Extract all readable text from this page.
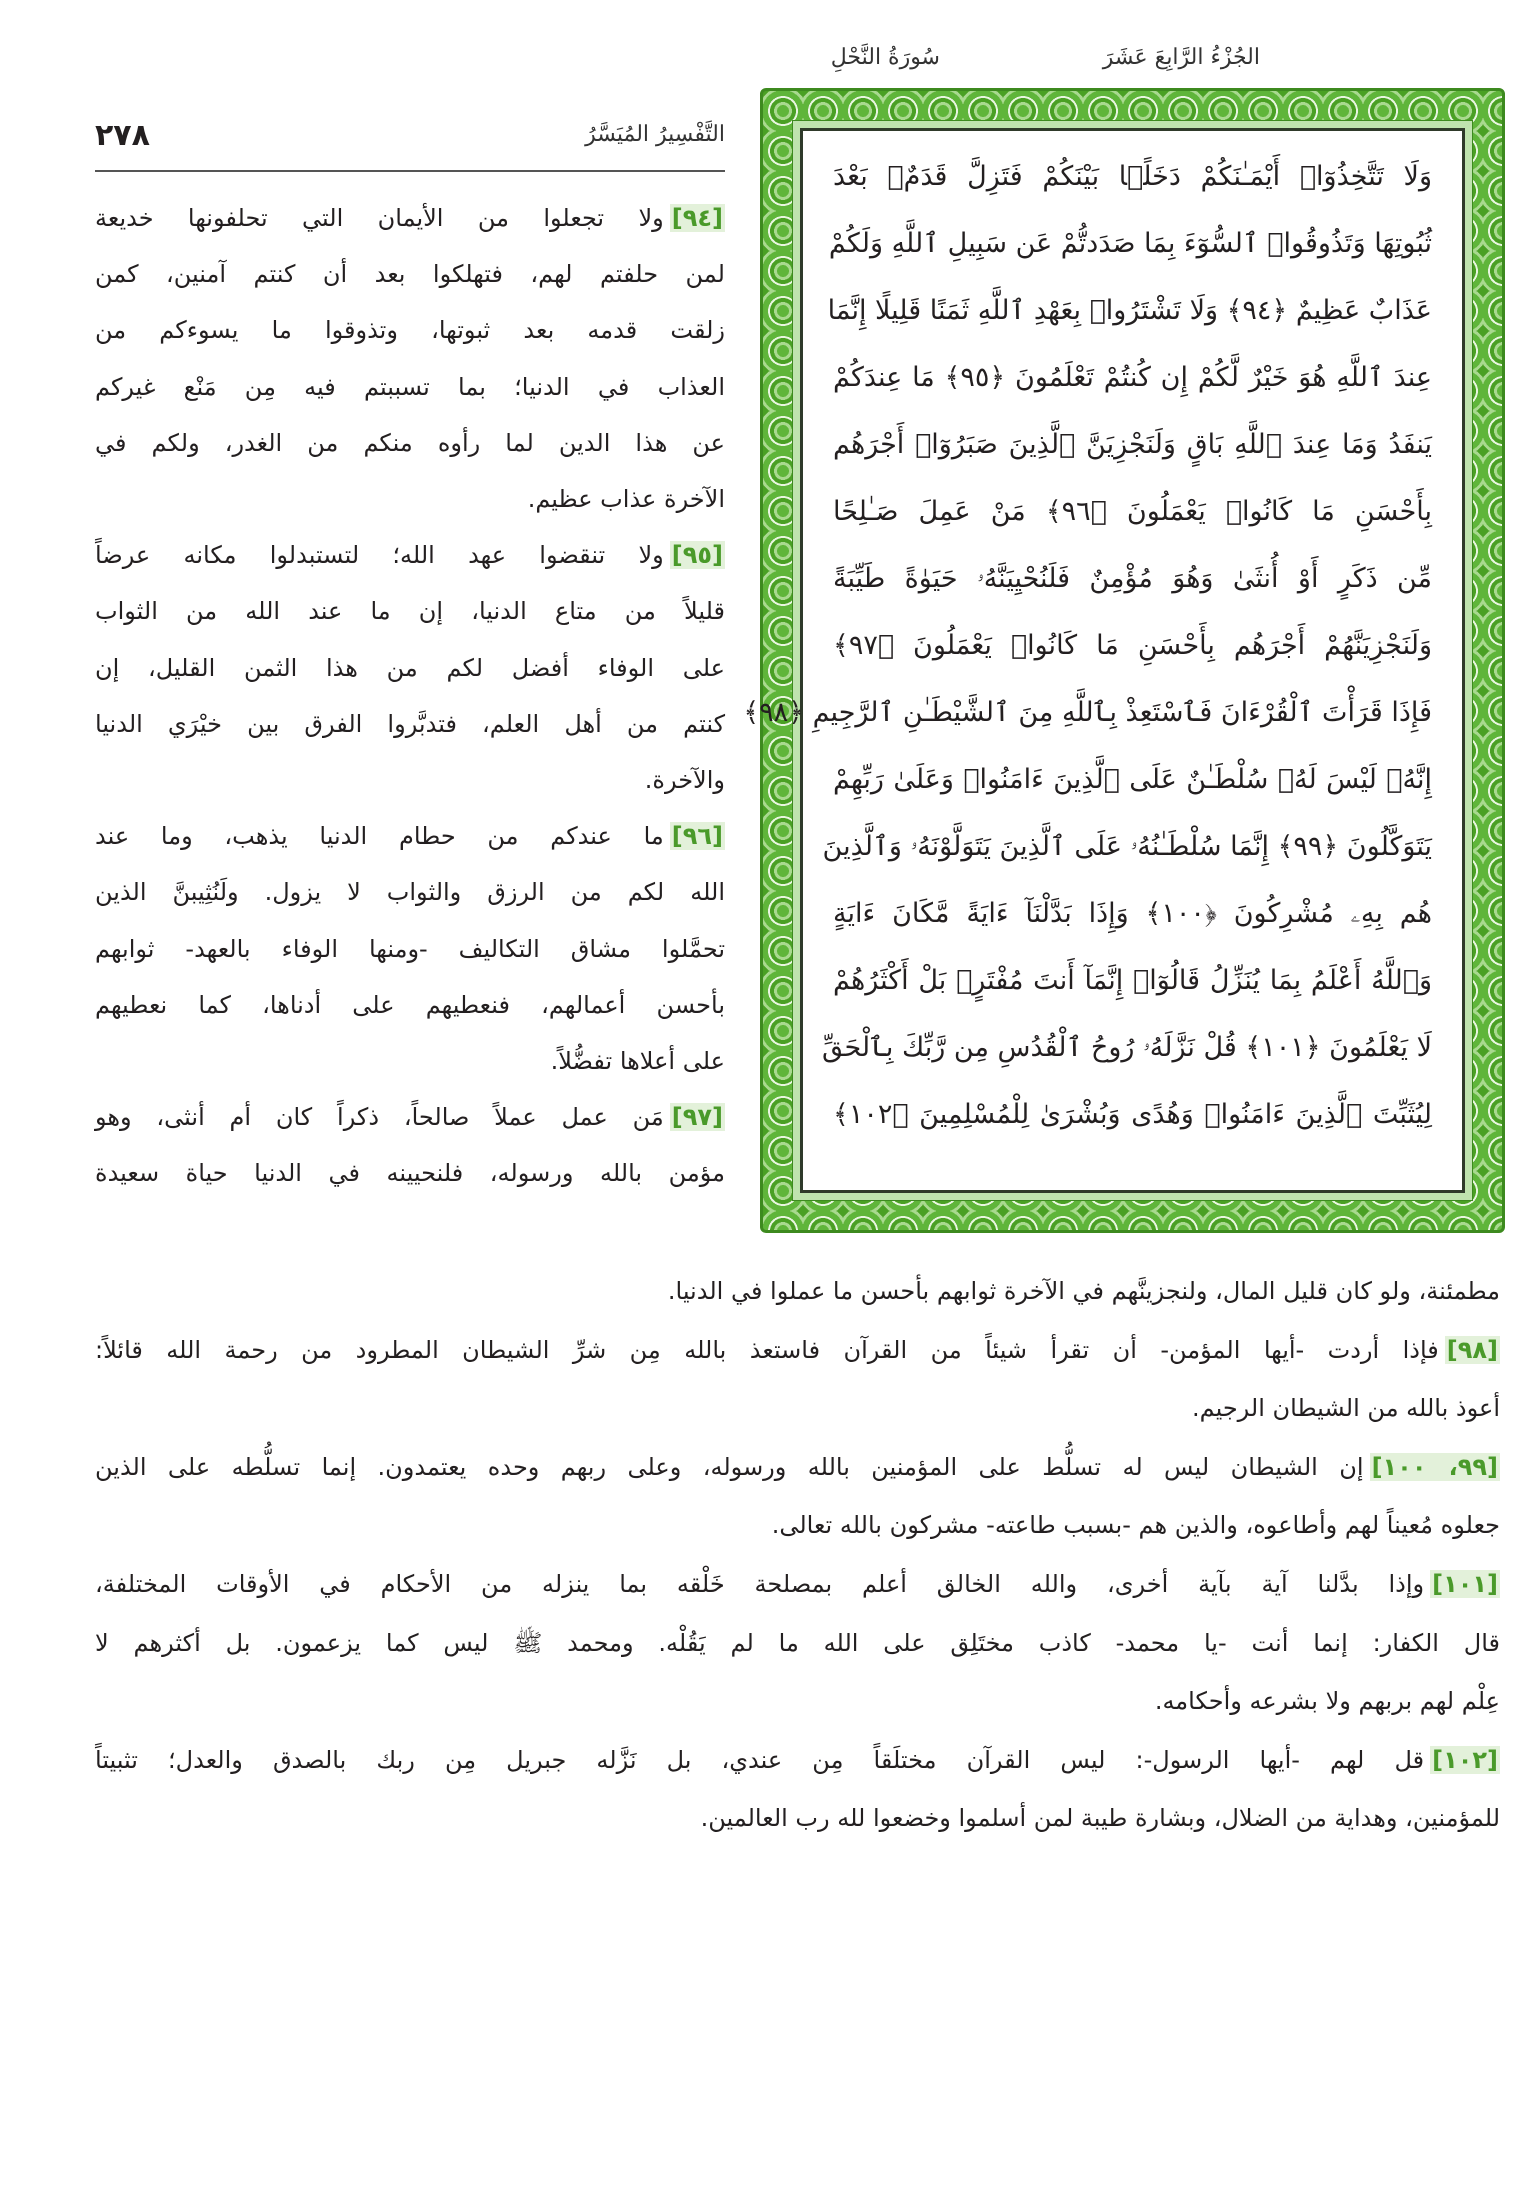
الجُزْءُ الرَّابِعَ عَشَرَ
سُورَةُ النَّحْلِ
٢٧٨	التَّفْسِيرُ المُيَسَّرُ
وَلَا تَتَّخِذُوٓا۟ أَيْمَـٰنَكُمْ دَخَلًۢا بَيْنَكُمْ فَتَزِلَّ قَدَمٌۢ بَعْدَ
ثُبُوتِهَا وَتَذُوقُوا۟ ٱلسُّوٓءَ بِمَا صَدَدتُّمْ عَن سَبِيلِ ٱللَّهِ وَلَكُمْ
عَذَابٌ عَظِيمٌ ﴿٩٤﴾ وَلَا تَشْتَرُوا۟ بِعَهْدِ ٱللَّهِ ثَمَنًا قَلِيلًا إِنَّمَا
عِندَ ٱللَّهِ هُوَ خَيْرٌ لَّكُمْ إِن كُنتُمْ تَعْلَمُونَ ﴿٩٥﴾ مَا عِندَكُمْ
يَنفَدُ وَمَا عِندَ ٱللَّهِ بَاقٍ وَلَنَجْزِيَنَّ ٱلَّذِينَ صَبَرُوٓا۟ أَجْرَهُم
بِأَحْسَنِ مَا كَانُوا۟ يَعْمَلُونَ ﴿٩٦﴾ مَنْ عَمِلَ صَـٰلِحًا
مِّن ذَكَرٍ أَوْ أُنثَىٰ وَهُوَ مُؤْمِنٌ فَلَنُحْيِيَنَّهُۥ حَيَوٰةً طَيِّبَةً
وَلَنَجْزِيَنَّهُمْ أَجْرَهُم بِأَحْسَنِ مَا كَانُوا۟ يَعْمَلُونَ ﴿٩٧﴾
فَإِذَا قَرَأْتَ ٱلْقُرْءَانَ فَٱسْتَعِذْ بِٱللَّهِ مِنَ ٱلشَّيْطَـٰنِ ٱلرَّجِيمِ ﴿٩٨﴾
إِنَّهُۥ لَيْسَ لَهُۥ سُلْطَـٰنٌ عَلَى ٱلَّذِينَ ءَامَنُوا۟ وَعَلَىٰ رَبِّهِمْ
يَتَوَكَّلُونَ ﴿٩٩﴾ إِنَّمَا سُلْطَـٰنُهُۥ عَلَى ٱلَّذِينَ يَتَوَلَّوْنَهُۥ وَٱلَّذِينَ
هُم بِهِۦ مُشْرِكُونَ ﴿١٠٠﴾ وَإِذَا بَدَّلْنَآ ءَايَةً مَّكَانَ ءَايَةٍ
وَٱللَّهُ أَعْلَمُ بِمَا يُنَزِّلُ قَالُوٓا۟ إِنَّمَآ أَنتَ مُفْتَرٍۭ بَلْ أَكْثَرُهُمْ
لَا يَعْلَمُونَ ﴿١٠١﴾ قُلْ نَزَّلَهُۥ رُوحُ ٱلْقُدُسِ مِن رَّبِّكَ بِٱلْحَقِّ
لِيُثَبِّتَ ٱلَّذِينَ ءَامَنُوا۟ وَهُدًى وَبُشْرَىٰ لِلْمُسْلِمِينَ ﴿١٠٢﴾
[٩٤]ولا تجعلوا من الأيمان التي تحلفونها خديعة
لمن حلفتم لهم، فتهلكوا بعد أن كنتم آمنين، كمن
زلقت قدمه بعد ثبوتها، وتذوقوا ما يسوءكم من
العذاب في الدنيا؛ بما تسببتم فيه مِن مَنْع غيركم
عن هذا الدين لما رأوه منكم من الغدر، ولكم في
الآخرة عذاب عظيم.
[٩٥]ولا تنقضوا عهد الله؛ لتستبدلوا مكانه عرضاً
قليلاً من متاع الدنيا، إن ما عند الله من الثواب
على الوفاء أفضل لكم من هذا الثمن القليل، إن
كنتم من أهل العلم، فتدبَّروا الفرق بين خيْرَي الدنيا
والآخرة.
[٩٦]ما عندكم من حطام الدنيا يذهب، وما عند
الله لكم من الرزق والثواب لا يزول. ولَنُثِيبنَّ الذين
تحمَّلوا مشاق التكاليف -ومنها الوفاء بالعهد- ثوابهم
بأحسن أعمالهم، فنعطيهم على أدناها، كما نعطيهم
على أعلاها تفضُّلاً.
[٩٧]مَن عمل عملاً صالحاً، ذكراً كان أم أنثى، وهو
مؤمن بالله ورسوله، فلنحيينه في الدنيا حياة سعيدة
مطمئنة، ولو كان قليل المال، ولنجزينَّهم في الآخرة ثوابهم بأحسن ما عملوا في الدنيا.
[٩٨]فإذا أردت -أيها المؤمن- أن تقرأ شيئاً من القرآن فاستعذ بالله مِن شرِّ الشيطان المطرود من رحمة الله قائلاً:
أعوذ بالله من الشيطان الرجيم.
[٩٩، ١٠٠]إن الشيطان ليس له تسلُّط على المؤمنين بالله ورسوله، وعلى ربهم وحده يعتمدون. إنما تسلُّطه على الذين
جعلوه مُعيناً لهم وأطاعوه، والذين هم -بسبب طاعته- مشركون بالله تعالى.
[١٠١]وإذا بدَّلنا آية بآية أخرى، والله الخالق أعلم بمصلحة خَلْقه بما ينزله من الأحكام في الأوقات المختلفة،
قال الكفار: إنما أنت -يا محمد- كاذب مختَلِق على الله ما لم يَقُلْه. ومحمد ﷺ ليس كما يزعمون. بل أكثرهم لا
عِلْم لهم بربهم ولا بشرعه وأحكامه.
[١٠٢]قل لهم -أيها الرسول-: ليس القرآن مختلَقاً مِن عندي، بل نَزَّله جبريل مِن ربك بالصدق والعدل؛ تثبيتاً
للمؤمنين، وهداية من الضلال، وبشارة طيبة لمن أسلموا وخضعوا لله رب العالمين.
